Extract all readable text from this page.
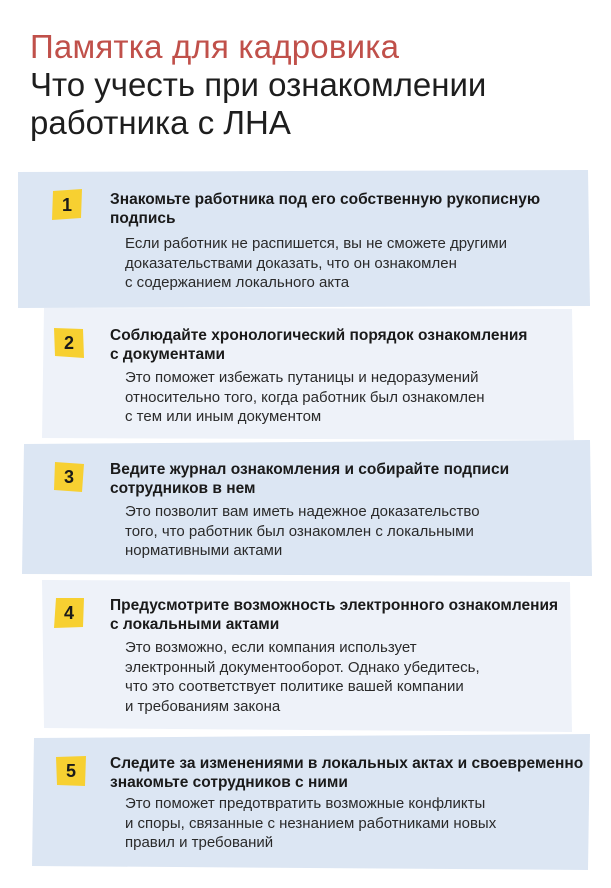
Памятка для кадровика
Что учесть при ознакомлении
работника с ЛНА
1	Знакомьте работника под его собственную рукописную
подпись
Если работник не распишется, вы не сможете другими
доказательствами доказать, что он ознакомлен
с содержанием локального акта
2	Соблюдайте хронологический порядок ознакомления
с документами
Это поможет избежать путаницы и недоразумений
относительно того, когда работник был ознакомлен
с тем или иным документом
3	Ведите журнал ознакомления и собирайте подписи
сотрудников в нем
Это позволит вам иметь надежное доказательство
того, что работник был ознакомлен с локальными
нормативными актами
4	Предусмотрите возможность электронного ознакомления
с локальными актами
Это возможно, если компания использует
электронный документооборот. Однако убедитесь,
что это соответствует политике вашей компании
и требованиям закона
5	Следите за изменениями в локальных актах и своевременно
знакомьте сотрудников с ними
Это поможет предотвратить возможные конфликты
и споры, связанные с незнанием работниками новых
правил и требований
